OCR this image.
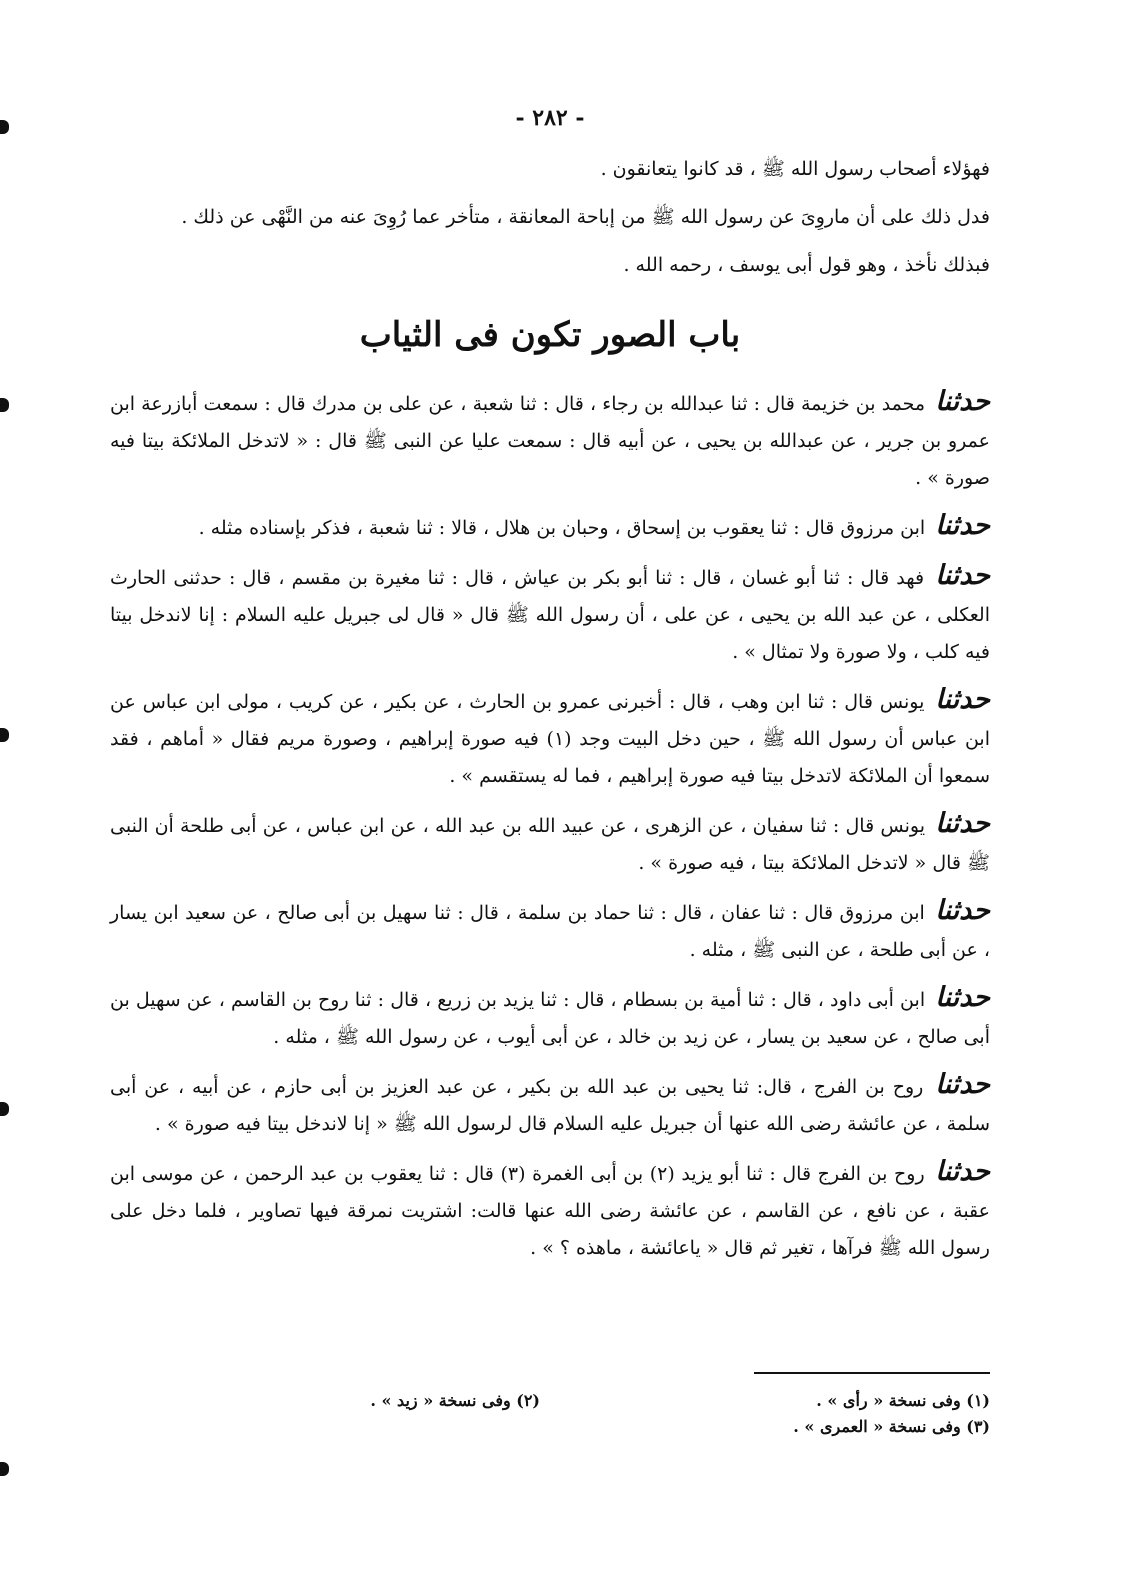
- ٢٨٢ -

فهؤلاء أصحاب رسول الله ﷺ ، قد كانوا يتعانقون .

فدل ذلك على أن ماروِىَ عن رسول الله ﷺ من إباحة المعانقة ، متأخر عما رُوِىَ عنه من النَّهْى عن ذلك .

فبذلك نأخذ ، وهو قول أبى يوسف ، رحمه الله .

باب الصور تكون فى الثياب

حدثنا محمد بن خزيمة قال : ثنا عبدالله بن رجاء ، قال : ثنا شعبة ، عن على بن مدرك قال : سمعت أبازرعة ابن عمرو بن جرير ، عن عبدالله بن يحيى ، عن أبيه قال : سمعت عليا عن النبى ﷺ قال : « لاتدخل الملائكة بيتا فيه صورة » .

حدثنا ابن مرزوق قال : ثنا يعقوب بن إسحاق ، وحبان بن هلال ، قالا : ثنا شعبة ، فذكر بإسناده مثله .

حدثنا فهد قال : ثنا أبو غسان ، قال : ثنا أبو بكر بن عياش ، قال : ثنا مغيرة بن مقسم ، قال : حدثنى الحارث العكلى ، عن عبد الله بن يحيى ، عن على ، أن رسول الله ﷺ قال « قال لى جبريل عليه السلام : إنا لاندخل بيتا فيه كلب ، ولا صورة ولا تمثال » .

حدثنا يونس قال : ثنا ابن وهب ، قال : أخبرنى عمرو بن الحارث ، عن بكير ، عن كريب ، مولى ابن عباس عن ابن عباس أن رسول الله ﷺ ، حين دخل البيت وجد (١) فيه صورة إبراهيم ، وصورة مريم فقال « أماهم ، فقد سمعوا أن الملائكة لاتدخل بيتا فيه صورة إبراهيم ، فما له يستقسم » .

حدثنا يونس قال : ثنا سفيان ، عن الزهرى ، عن عبيد الله بن عبد الله ، عن ابن عباس ، عن أبى طلحة أن النبى ﷺ قال « لاتدخل الملائكة بيتا ، فيه صورة » .

حدثنا ابن مرزوق قال : ثنا عفان ، قال : ثنا حماد بن سلمة ، قال : ثنا سهيل بن أبى صالح ، عن سعيد ابن يسار ، عن أبى طلحة ، عن النبى ﷺ ، مثله .

حدثنا ابن أبى داود ، قال : ثنا أمية بن بسطام ، قال : ثنا يزيد بن زريع ، قال : ثنا روح بن القاسم ، عن سهيل بن أبى صالح ، عن سعيد بن يسار ، عن زيد بن خالد ، عن أبى أيوب ، عن رسول الله ﷺ ، مثله .

حدثنا روح بن الفرج ، قال: ثنا يحيى بن عبد الله بن بكير ، عن عبد العزيز بن أبى حازم ، عن أبيه ، عن أبى سلمة ، عن عائشة رضى الله عنها أن جبريل عليه السلام قال لرسول الله ﷺ « إنا لاندخل بيتا فيه صورة » .

حدثنا روح بن الفرج قال : ثنا أبو يزيد (٢) بن أبى الغمرة (٣) قال : ثنا يعقوب بن عبد الرحمن ، عن موسى ابن عقبة ، عن نافع ، عن القاسم ، عن عائشة رضى الله عنها قالت: اشتريت نمرقة فيها تصاوير ، فلما دخل على رسول الله ﷺ فرآها ، تغير ثم قال « ياعائشة ، ماهذه ؟ » .

(١) وفى نسخة « رأى » .
(٣) وفى نسخة « العمرى » .
(٢) وفى نسخة « زيد » .
